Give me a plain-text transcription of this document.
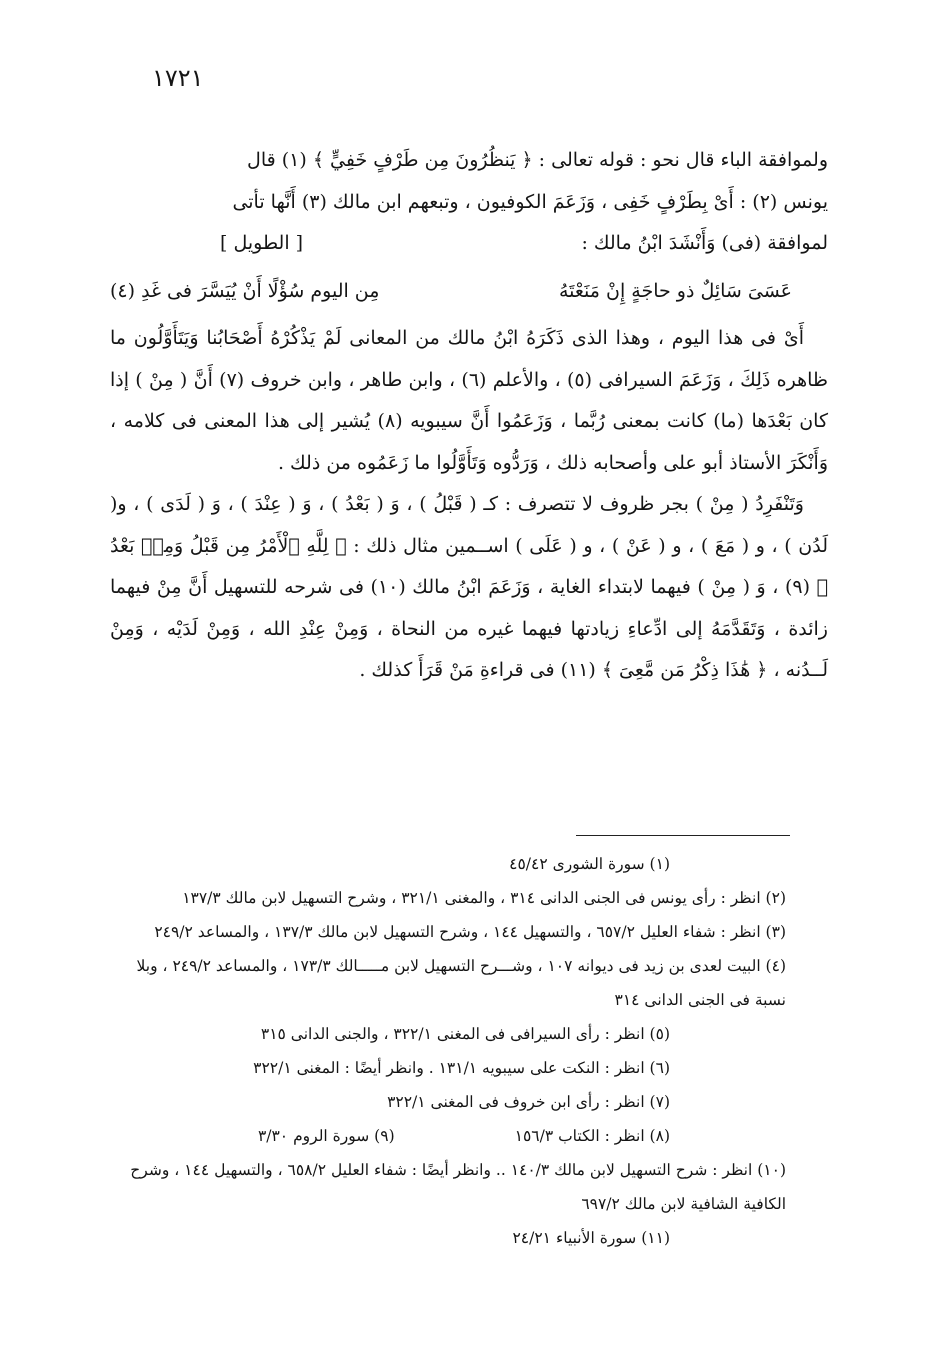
١٧٢١

ولموافقة الباء قال نحو : قوله تعالى : ﴿ يَنظُرُونَ مِن طَرْفٍ خَفِيٍّ ﴾ (١) قال

يونس (٢) : أَىْ بِطَرْفٍ خَفِى ، وَزَعَمَ الكوفيون ، وتبعهم ابن مالك (٣) أَنَّها تأتى

لموافقة (فى) وَأَنْشَدَ ابْنُ مالك :
[ الطويل ]
عَسَىَ سَائِلٌ ذو حاجَةٍ إِنْ مَنَعْتَهُ
مِن اليوم سُؤْلًا أَنْ يُيَسَّرَ فى غَدِ (٤)

أَىْ فى هذا اليوم ، وهذا الذى ذَكَرَهُ ابْنُ مالك من المعانى لَمْ يَذْكُرْهُ أَصْحَابُنا وَيَتَأَوَّلُون ما ظاهره ذَلِكَ ، وَزَعَمَ السيرافى (٥) ، والأعلم (٦) ، وابن طاهر ، وابن خروف (٧) أَنَّ ( مِنْ ) إذا كان بَعْدَها (ما) كانت بمعنى رُبَّما ، وَزَعَمُوا أَنَّ سيبويه (٨) يُشير إلى هذا المعنى فى كلامه ، وَأَنْكَرَ الأستاذ أبو على وأصحابه ذلك ، وَرَدُّوه وَتَأَوَّلُوا ما زَعَمُوه من ذلك .

وَتَنْفَرِدُ ( مِنْ ) بجر ظروف لا تتصرف : كـ ( قَبْلُ ) ، وَ ( بَعْدُ ) ، وَ ( عِنْدَ ) ، وَ ( لَدَى ) ، و( لَدُن ) ، و ( مَعَ ) ، و ( عَنْ ) ، و ( عَلَى ) اســمين مثال ذلك : ﴿ لِلَّهِ ٱلْأَمْرُ مِن قَبْلُ وَمِنۢ بَعْدُ ﴾ (٩) ، وَ ( مِنْ ) فيهما لابتداء الغاية ، وَزَعَمَ ابْنُ مالك (١٠) فى شرحه للتسهيل أَنَّ مِنْ فيهما زائدة ، وَتَقَدَّمَهُ إلى ادِّعاءِ زيادتها فيهما غيره من النحاة ، وَمِنْ عِنْدِ الله ، وَمِنْ لَدَيْه ، وَمِنْ لَــدُنه ، ﴿ هَٰذَا ذِكْرُ مَن مَّعِىَ ﴾ (١١) فى قراءةِ مَنْ قَرَأَ كذلك .

(١) سورة الشورى ٤٥/٤٢

(٢) انظر : رأى يونس فى الجنى الدانى ٣١٤ ، والمغنى ٣٢١/١ ، وشرح التسهيل لابن مالك ١٣٧/٣

(٣) انظر : شفاء العليل ٦٥٧/٢ ، والتسهيل ١٤٤ ، وشرح التسهيل لابن مالك ١٣٧/٣ ، والمساعد ٢٤٩/٢

(٤) البيت لعدى بن زيد فى ديوانه ١٠٧ ، وشـــرح التسهيل لابن مـــــالك ١٧٣/٣ ، والمساعد ٢٤٩/٢ ، وبلا نسبة فى الجنى الدانى ٣١٤

(٥) انظر : رأى السيرافى فى المغنى ٣٢٢/١ ، والجنى الدانى ٣١٥

(٦) انظر : النكت على سيبويه ١٣١/١ . وانظر أيضًا : المغنى ٣٢٢/١

(٧) انظر : رأى ابن خروف فى المغنى ٣٢٢/١

(٨) انظر : الكتاب ١٥٦/٣
(٩) سورة الروم ٣/٣٠

(١٠) انظر : شرح التسهيل لابن مالك ١٤٠/٣ .. وانظر أيضًا : شفاء العليل ٦٥٨/٢ ، والتسهيل ١٤٤ ، وشرح الكافية الشافية لابن مالك ٦٩٧/٢

(١١) سورة الأنبياء ٢٤/٢١
